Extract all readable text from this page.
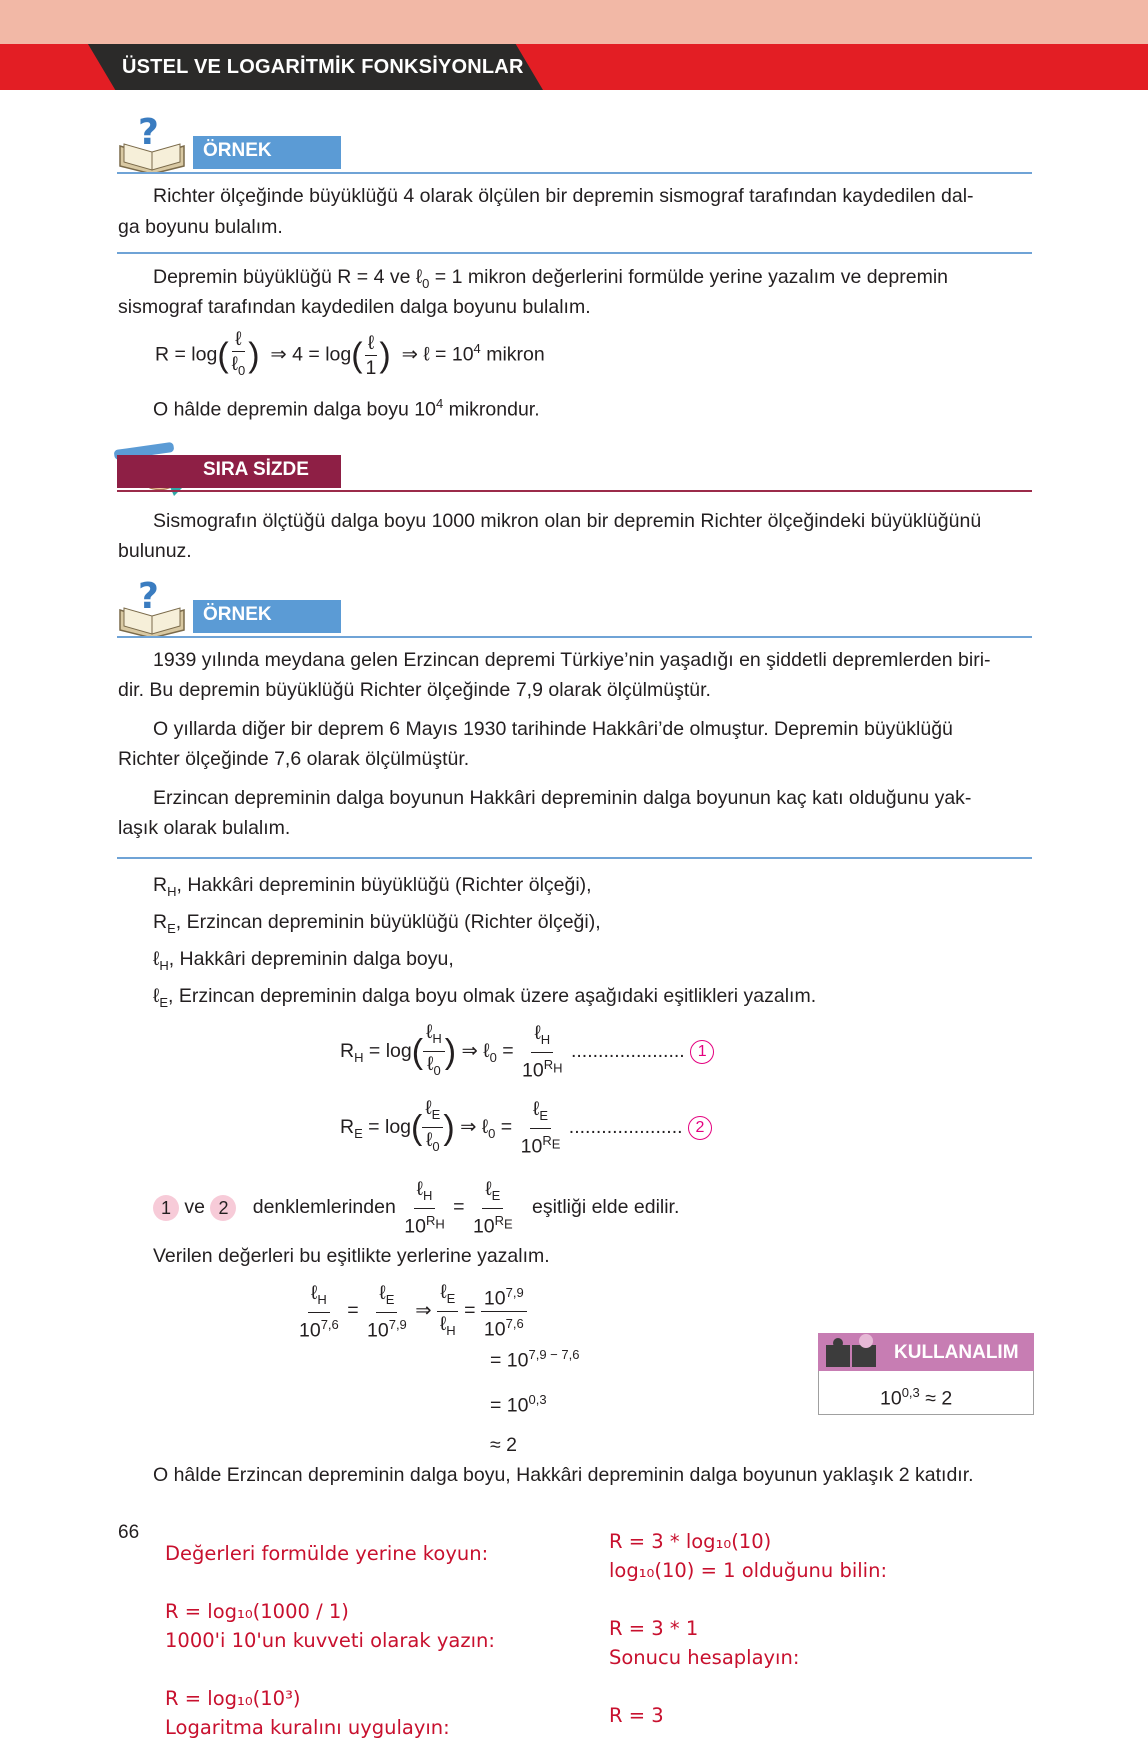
ÜSTEL VE LOGARİTMİK FONKSİYONLAR
?	ÖRNEK
Richter ölçeğinde büyüklüğü 4 olarak ölçülen bir depremin sismograf tarafından kaydedilen dal-
ga boyunu bulalım.
Depremin büyüklüğü R = 4 ve ℓ$_0$ = 1 mikron değerlerini formülde yerine yazalım ve depremin
sismograf tarafından kaydedilen dalga boyunu bulalım.
$R = \log( \frac{\text{ℓ}}{\ell_0}$ )  ⇒ $4 = \log( \frac{\text{ℓ}}{1}$ )  ⇒ ℓ = $10^4$ mikron
O hâlde depremin dalga boyu $10^4$ mikrondur.
SIRA SİZDE
Sismografın ölçtüğü dalga boyu 1000 mikron olan bir depremin Richter ölçeğindeki büyüklüğünü
bulunuz.
?	ÖRNEK
1939 yılında meydana gelen Erzincan depremi Türkiye’nin yaşadığı en şiddetli depremlerden biri-
dir. Bu depremin büyüklüğü Richter ölçeğinde 7,9 olarak ölçülmüştür.
O yıllarda diğer bir deprem 6 Mayıs 1930 tarihinde Hakkâri’de olmuştur. Depremin büyüklüğü
Richter ölçeğinde 7,6 olarak ölçülmüştür.
Erzincan depreminin dalga boyunun Hakkâri depreminin dalga boyunun kaç katı olduğunu yak-
laşık olarak bulalım.
$R_H$, Hakkâri depreminin büyüklüğü (Richter ölçeği),
$R_E$, Erzincan depreminin büyüklüğü (Richter ölçeği),
ℓ$_H$, Hakkâri depreminin dalga boyu,
ℓ$_E$, Erzincan depreminin dalga boyu olmak üzere aşağıdaki eşitlikleri yazalım.
$R_H = \log( \frac{\ell_H}{\ell_0}$ ) ⇒ ℓ$_0$ = $\frac{\ell_H}{10^{R_H}}$ ..................... 1
$R_E = \log( \frac{\ell_E}{\ell_0}$ ) ⇒ ℓ$_0$ = $\frac{\ell_E}{10^{R_E}}$ ..................... 2
1 ve 2 denklemlerinden $\frac{\ell_H}{10^{R_H}} = \frac{\ell_E}{10^{R_E}}$ eşitliği elde edilir.
Verilen değerleri bu eşitlikte yerlerine yazalım.
$\frac{\ell_H}{10^{7,6}} = \frac{\ell_E}{10^{7,9}}$ ⇒ $\frac{\ell_E}{\ell_H} = \frac{10^{7,9}}{10^{7,6}}$
= $10^{7,9 - 7,6}$
= $10^{0,3}$
≈ 2
KULLANALIM
$10^{0,3} \approx 2$
O hâlde Erzincan depreminin dalga boyu, Hakkâri depreminin dalga boyunun yaklaşık 2 katıdır.
66
Değerleri formülde yerine koyun:
R = log₁₀(1000 / 1)
1000'i 10'un kuvveti olarak yazın:
R = log₁₀(10³)
Logaritma kuralını uygulayın:
R = 3 * log₁₀(10)
log₁₀(10) = 1 olduğunu bilin:
R = 3 * 1
Sonucu hesaplayın:
R = 3
